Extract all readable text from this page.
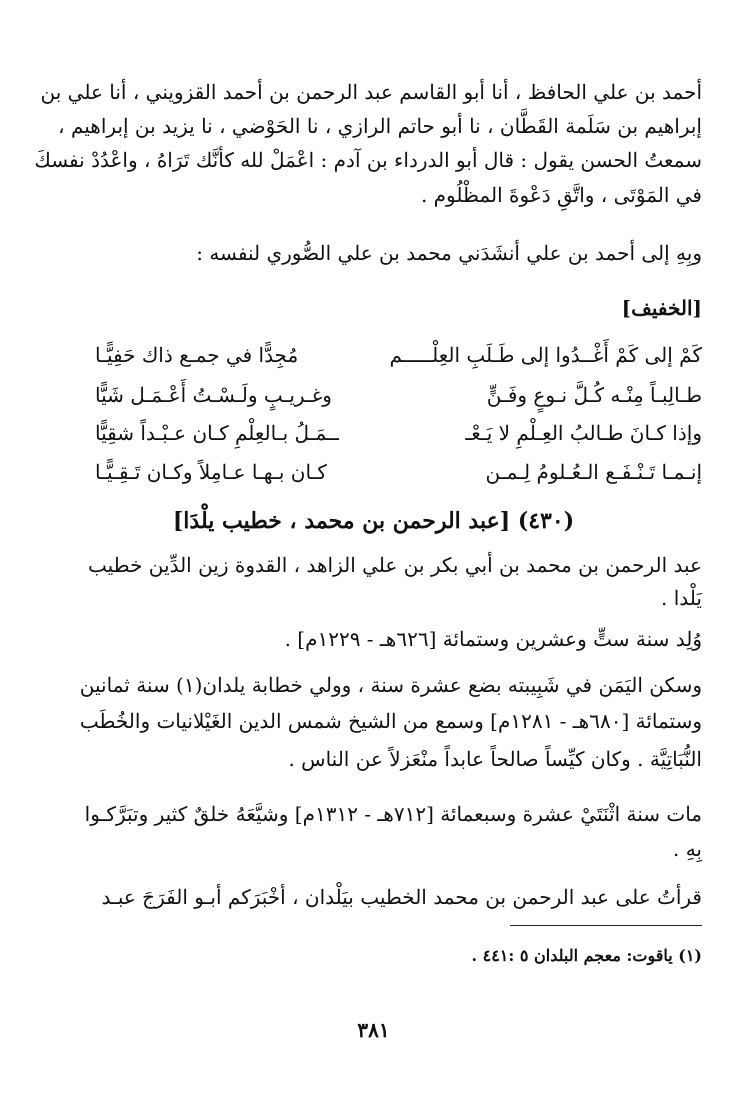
أحمد بن علي الحافظ ، أنا أبو القاسم عبد الرحمن بن أحمد القزويني ، أنا علي بن
إبراهيم بن سَلَمة القَطَّان ، نا أبو حاتم الرازي ، نا الحَوْضي ، نا يزيد بن إبراهيم ،
سمعتُ الحسن يقول : قال أبو الدرداء بن آدم : اعْمَلْ لله كأنَّك تَرَاهُ ، واعْدُدْ نفسكَ
في المَوْتَى ، واتَّقِ دَعْوةَ المظْلُوم .
وبِهِ إلى أحمد بن علي أنشَدَني محمد بن علي الصُّوري لنفسه :
[الخفيف]
كَمْ إلى كَمْ أَغْــدُوا إلى طَـلَبِ العِلْـــــم
مُجِدًّا في جمـع ذاك حَفِيًّـا
طـالِبـاً مِنْـه كُـلَّ نـوعٍ وفَـنٍّ
وغـريـبٍ ولَـسْـتُ أَعْـمَـل شَيًّا
وإذا كـانَ طـالبُ العِـلْمِ لا يَـعْـ
ــمَـلُ بـالعِلْمِ كـان عـبْـداً شقِيًّا
إنـمـا تَـنْـفَـع الـعُـلومُ لِـمـن
كـان بـهـا عـامِلاً وكـان تَـقِـيًّـا
(٤٣٠) [عبد الرحمن بن محمد ، خطيب يلْدَا]
عبد الرحمن بن محمد بن أبي بكر بن علي الزاهد ، القدوة زين الدِّين خطيب
يَلْدا .
وُلِد سنة ستٍّ وعشرين وستمائة [٦٢٦هـ - ١٢٢٩م] .
وسكن اليَمَن في شَبِيبته بضع عشرة سنة ، وولي خطابة يلدان(١) سنة ثمانين
وستمائة [٦٨٠هـ - ١٢٨١م] وسمع من الشيخ شمس الدين الغَيْلانيات والخُطَب
النُّبَاتِيَّة . وكان كيِّساً صالحاً عابداً منْعَزلاً عن الناس .
مات سنة اثْنَتَيْ عشرة وسبعمائة [٧١٢هـ - ١٣١٢م] وشيَّعَهُ خلقٌ كثير وتبَرَّكـوا
بِهِ .
قرأتُ على عبد الرحمن بن محمد الخطيب بيَلْدان ، أخْبَرَكم أبـو الفَرَجَ عبـد
(١) ياقوت: معجم البلدان ٥ :٤٤١ .
٣٨١
